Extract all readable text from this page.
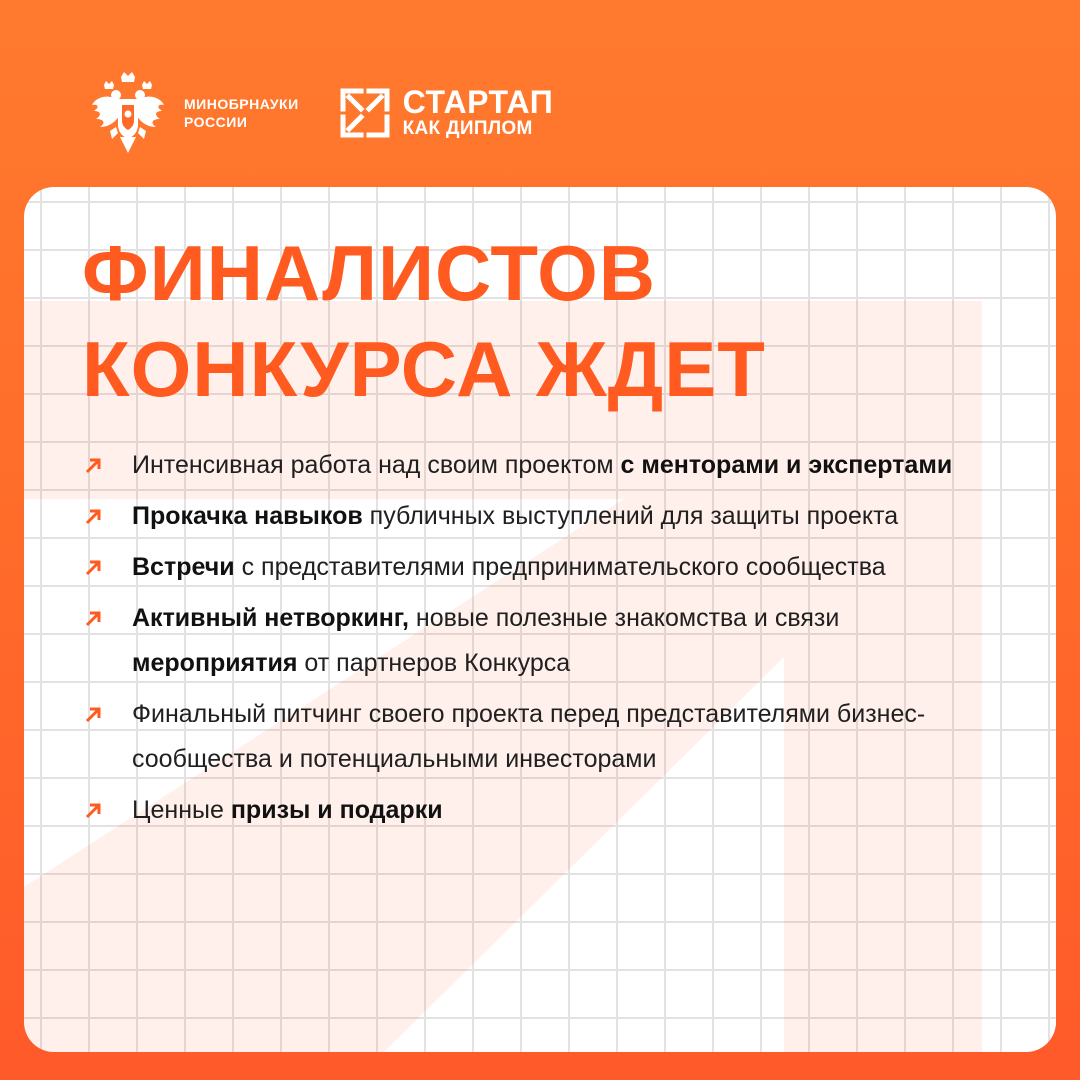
МИНОБРНАУКИ
РОССИИ
СТАРТАП
КАК ДИПЛОМ
ФИНАЛИСТОВ
КОНКУРСА ЖДЕТ
Интенсивная работа над своим проектом с менторами и экспертами
Прокачка навыков публичных выступлений для защиты проекта
Встречи с представителями предпринимательского сообщества
Активный нетворкинг, новые полезные знакомства и связи мероприятия от партнеров Конкурса
Финальный питчинг своего проекта перед представителями бизнес-сообщества и потенциальными инвесторами
Ценные призы и подарки
